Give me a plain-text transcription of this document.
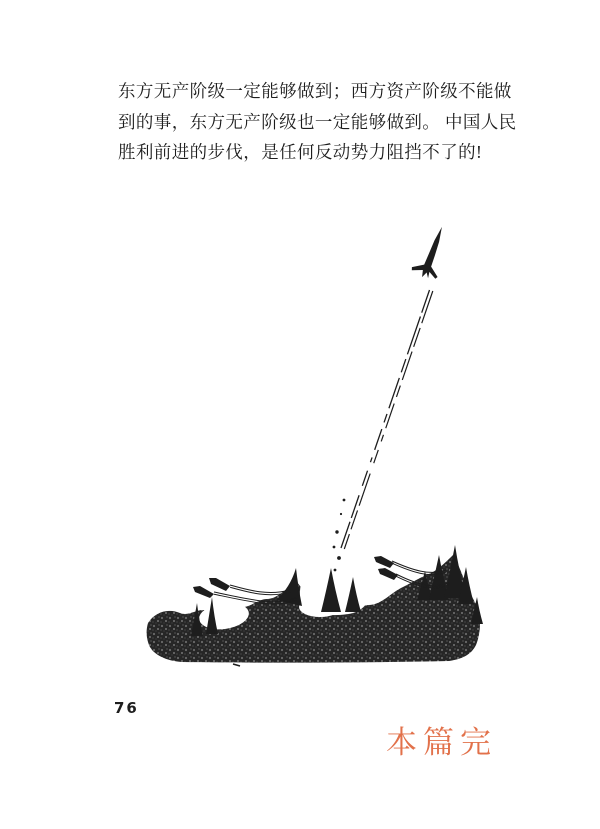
东方无产阶级一定能够做到；西方资产阶级不能做
到的事，东方无产阶级也一定能够做到。 中国人民
胜利前进的步伐，是任何反动势力阻挡不了的!
76
本篇完
